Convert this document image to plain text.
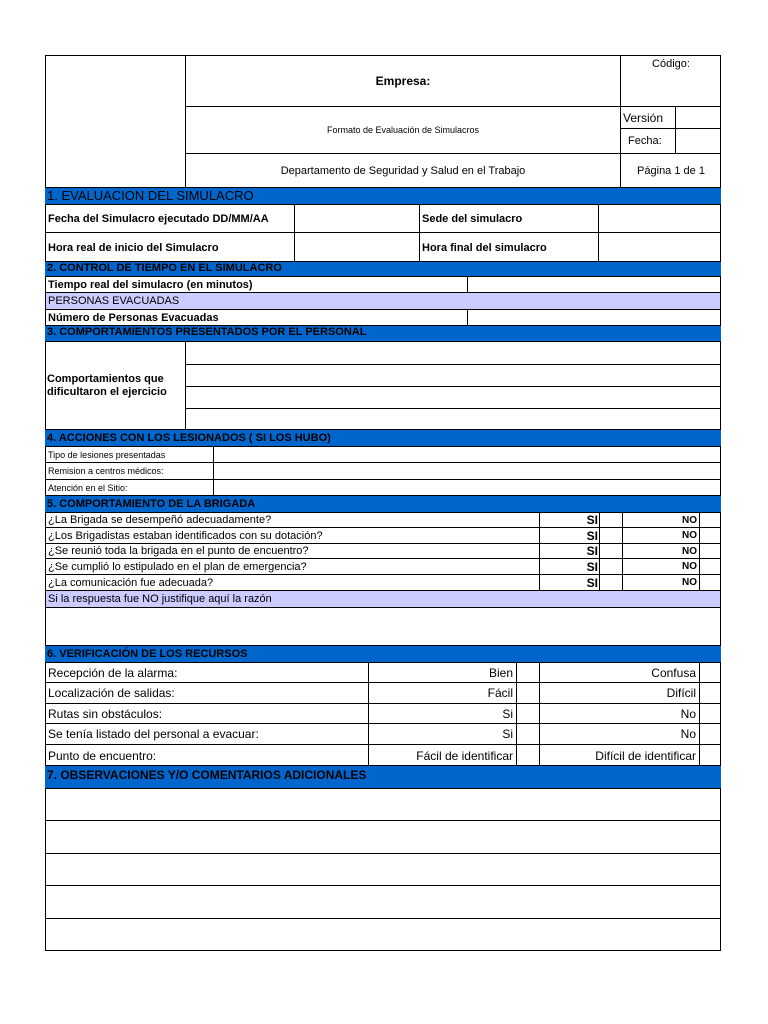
Empresa:
Código:
Formato de Evaluación de Simulacros
Versión
Fecha:
Departamento de Seguridad y Salud en el Trabajo	Página 1 de 1
1. EVALUACION DEL SIMULACRO
Fecha del Simulacro ejecutado DD/MM/AA	Sede del simulacro
Hora real de inicio del Simulacro	Hora final del simulacro
2. CONTROL DE TIEMPO EN EL SIMULACRO
Tiempo real del simulacro (en minutos)
PERSONAS EVACUADAS
Número de Personas Evacuadas
3. COMPORTAMIENTOS PRESENTADOS POR EL PERSONAL
Comportamientos que dificultaron el ejercicio
4. ACCIONES CON LOS LESIONADOS ( SI LOS HUBO)
Tipo de lesiones presentadas
Remision a centros médicos:
Atención en el Sitio:
5. COMPORTAMIENTO DE LA BRIGADA
¿La Brigada se desempeñó adecuadamente?	SI	NO
¿Los Brigadistas estaban identificados con su dotación?	SI	NO
¿Se reunió toda la brigada en el punto de encuentro?	SI	NO
¿Se cumplió lo estipulado en el plan de emergencia?	SI	NO
¿La comunicación fue adecuada?	SI	NO
Si la respuesta fue NO justifique aquí la razón
6. VERIFICACIÓN DE LOS RECURSOS
Recepción de la alarma:	Bien	Confusa
Localización de salidas:	Fácil	Difícil
Rutas sin obstáculos:	Si	No
Se tenía listado del personal a evacuar:	Si	No
Punto de encuentro:	Fácil de identificar	Difícil de identificar
7. OBSERVACIONES Y/O COMENTARIOS ADICIONALES
